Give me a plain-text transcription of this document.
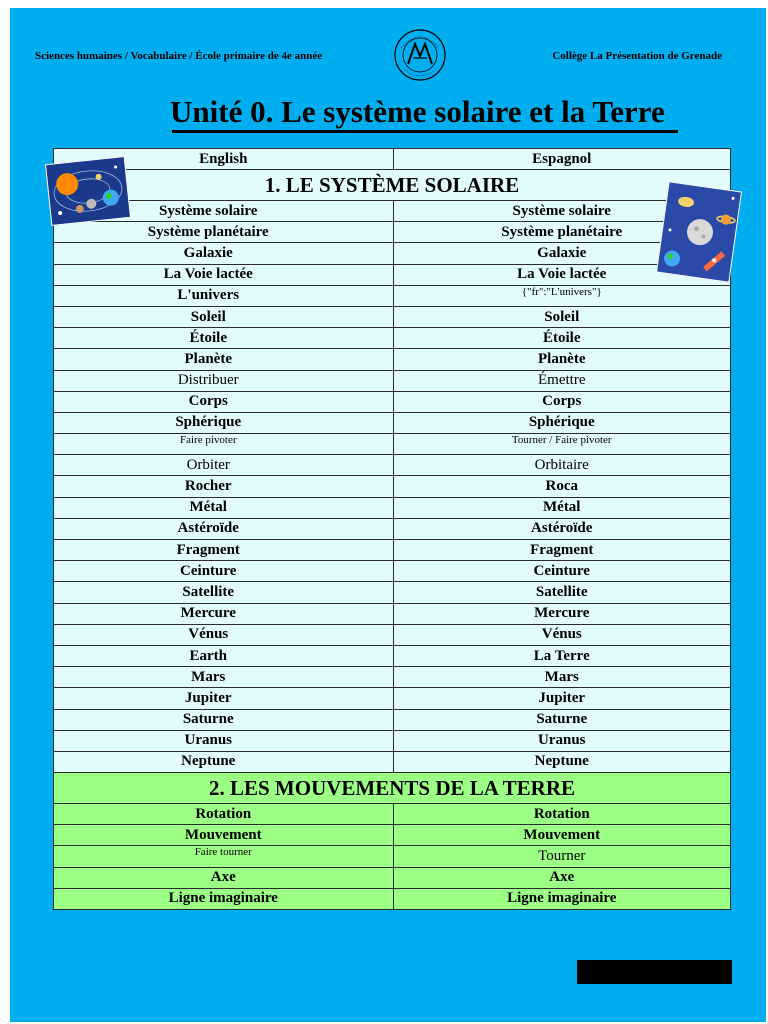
Sciences humaines / Vocabulaire / École primaire de 4e année	Collège La Présentation de Grenade
Unité 0. Le système solaire et la Terre
English	Espagnol
1. LE SYSTÈME SOLAIRE	
Système solaire	Système solaire
Système planétaire	Système planétaire
Galaxie	Galaxie
La Voie lactée	La Voie lactée
L'univers	{"fr":"L'univers"}
Soleil	Soleil
Étoile	Étoile
Planète	Planète
Distribuer	Émettre
Corps	Corps
Sphérique	Sphérique
Faire pivoter	Tourner / Faire pivoter
Orbiter	Orbitaire
Rocher	Roca
Métal	Métal
Astéroïde	Astéroïde
Fragment	Fragment
Ceinture	Ceinture
Satellite	Satellite
Mercure	Mercure
Vénus	Vénus
Earth	La Terre
Mars	Mars
Jupiter	Jupiter
Saturne	Saturne
Uranus	Uranus
Neptune	Neptune
2. LES MOUVEMENTS DE LA TERRE	
Rotation	Rotation
Mouvement	Mouvement
Faire tourner	Tourner
Axe	Axe
Ligne imaginaire	Ligne imaginaire
